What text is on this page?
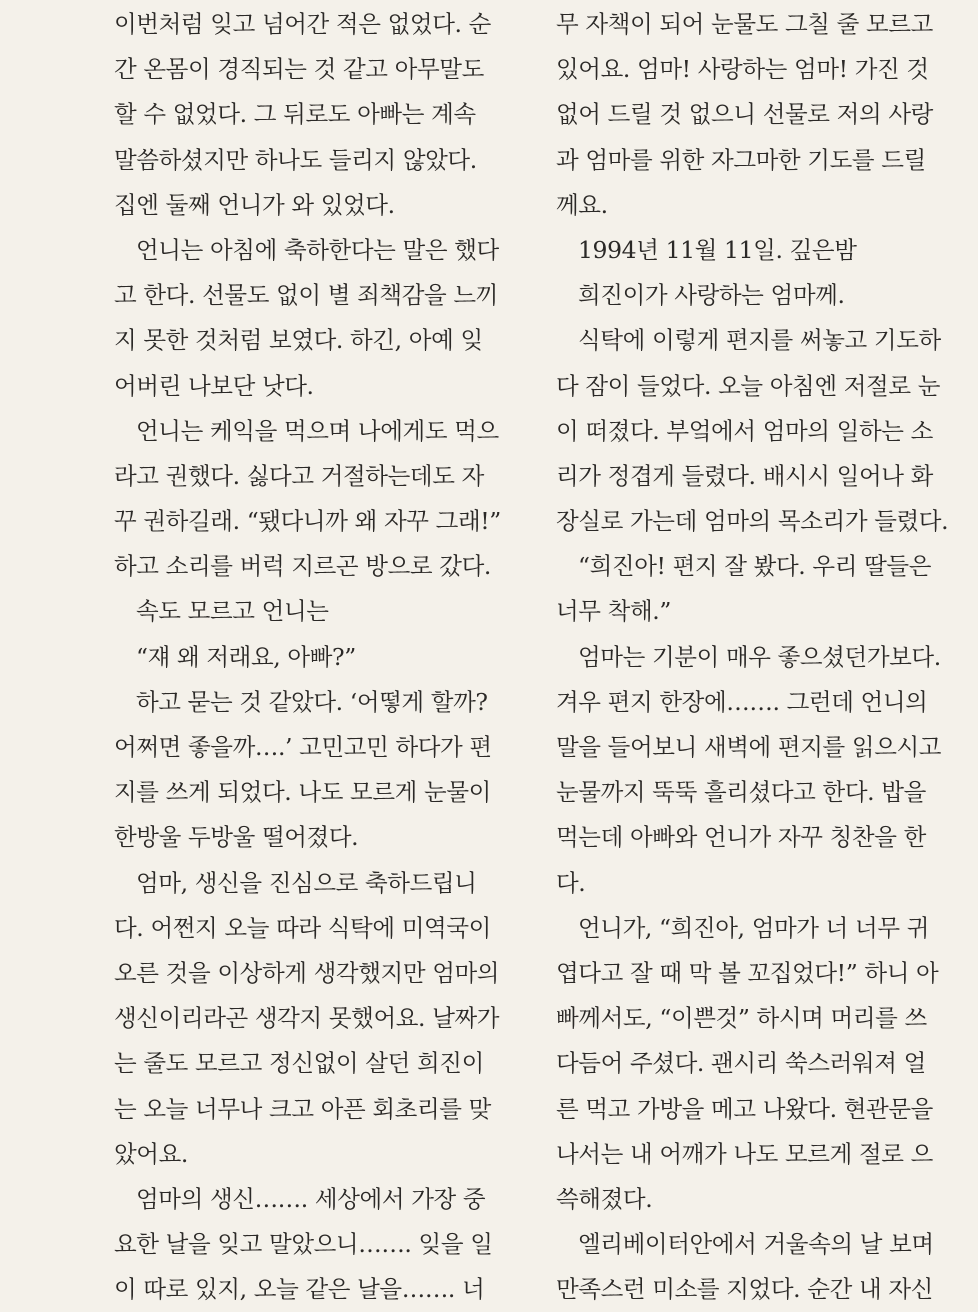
이번처럼 잊고 넘어간 적은 없었다. 순
간 온몸이 경직되는 것 같고 아무말도
할 수 없었다. 그 뒤로도 아빠는 계속
말씀하셨지만 하나도 들리지 않았다.
집엔 둘째 언니가 와 있었다.
언니는 아침에 축하한다는 말은 했다
고 한다. 선물도 없이 별 죄책감을 느끼
지 못한 것처럼 보였다. 하긴, 아예 잊
어버린 나보단 낫다.
언니는 케익을 먹으며 나에게도 먹으
라고 권했다. 싫다고 거절하는데도 자
꾸 권하길래. “됐다니까 왜 자꾸 그래!”
하고 소리를 버럭 지르곤 방으로 갔다.
속도 모르고 언니는
“쟤 왜 저래요, 아빠?”
하고 묻는 것 같았다. ‘어떻게 할까?
어쩌면 좋을까….’ 고민고민 하다가 편
지를 쓰게 되었다. 나도 모르게 눈물이
한방울 두방울 떨어졌다.
엄마, 생신을 진심으로 축하드립니
다. 어쩐지 오늘 따라 식탁에 미역국이
오른 것을 이상하게 생각했지만 엄마의
생신이리라곤 생각지 못했어요. 날짜가
는 줄도 모르고 정신없이 살던 희진이
는 오늘 너무나 크고 아픈 회초리를 맞
았어요.
엄마의 생신……. 세상에서 가장 중
요한 날을 잊고 말았으니……. 잊을 일
이 따로 있지, 오늘 같은 날을……. 너
무 자책이 되어 눈물도 그칠 줄 모르고
있어요. 엄마! 사랑하는 엄마! 가진 것
없어 드릴 것 없으니 선물로 저의 사랑
과 엄마를 위한 자그마한 기도를 드릴
께요.
1994년 11월 11일. 깊은밤
희진이가 사랑하는 엄마께.
식탁에 이렇게 편지를 써놓고 기도하
다 잠이 들었다. 오늘 아침엔 저절로 눈
이 떠졌다. 부엌에서 엄마의 일하는 소
리가 정겹게 들렸다. 배시시 일어나 화
장실로 가는데 엄마의 목소리가 들렸다.
“희진아! 편지 잘 봤다. 우리 딸들은
너무 착해.”
엄마는 기분이 매우 좋으셨던가보다.
겨우 편지 한장에……. 그런데 언니의
말을 들어보니 새벽에 편지를 읽으시고
눈물까지 뚝뚝 흘리셨다고 한다. 밥을
먹는데 아빠와 언니가 자꾸 칭찬을 한
다.
언니가, “희진아, 엄마가 너 너무 귀
엽다고 잘 때 막 볼 꼬집었다!” 하니 아
빠께서도, “이쁜것” 하시며 머리를 쓰
다듬어 주셨다. 괜시리 쑥스러워져 얼
른 먹고 가방을 메고 나왔다. 현관문을
나서는 내 어깨가 나도 모르게 절로 으
쓱해졌다.
엘리베이터안에서 거울속의 날 보며
만족스런 미소를 지었다. 순간 내 자신
